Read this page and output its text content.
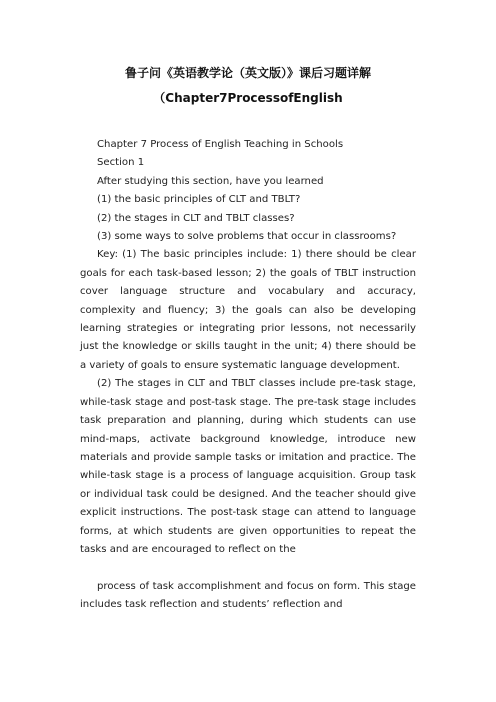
鲁子问《英语教学论（英文版）》课后习题详解
（Chapter7ProcessofEnglish

Chapter 7 Process of English Teaching in Schools

Section 1

After studying this section, have you learned

(1) the basic principles of CLT and TBLT?

(2) the stages in CLT and TBLT classes?

(3) some ways to solve problems that occur in classrooms?

Key: (1) The basic principles include: 1) there should be clear goals for each task-based lesson; 2) the goals of TBLT instruction cover language structure and vocabulary and accuracy, complexity and fluency; 3) the goals can also be developing learning strategies or integrating prior lessons, not necessarily just the knowledge or skills taught in the unit; 4) there should be a variety of goals to ensure systematic language development.

(2) The stages in CLT and TBLT classes include pre-task stage, while-task stage and post-task stage. The pre-task stage includes task preparation and planning, during which students can use mind-maps, activate background knowledge, introduce new materials and provide sample tasks or imitation and practice. The while-task stage is a process of language acquisition. Group task or individual task could be designed. And the teacher should give explicit instructions. The post-task stage can attend to language forms, at which students are given opportunities to repeat the tasks and are encouraged to reflect on the

process of task accomplishment and focus on form. This stage includes task reflection and students’ reflection and
